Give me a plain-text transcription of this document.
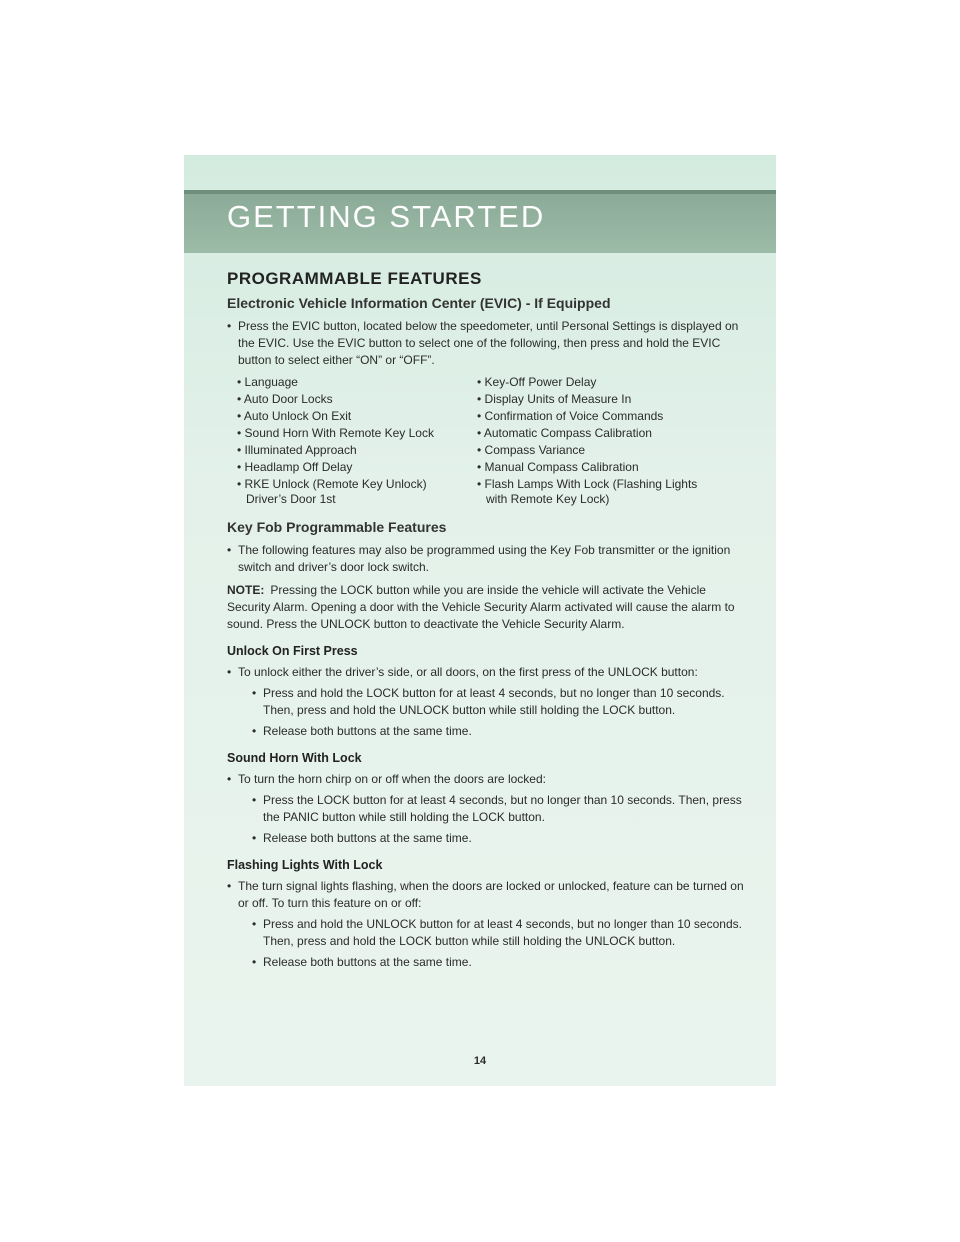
GETTING STARTED
PROGRAMMABLE FEATURES
Electronic Vehicle Information Center (EVIC) - If Equipped

• Press the EVIC button, located below the speedometer, until Personal Settings is displayed on the EVIC. Use the EVIC button to select one of the following, then press and hold the EVIC button to select either “ON” or “OFF”.

• Language
• Auto Door Locks
• Auto Unlock On Exit
• Sound Horn With Remote Key Lock
• Illuminated Approach
• Headlamp Off Delay
• RKE Unlock (Remote Key Unlock) Driver’s Door 1st
• Key-Off Power Delay
• Display Units of Measure In
• Confirmation of Voice Commands
• Automatic Compass Calibration
• Compass Variance
• Manual Compass Calibration
• Flash Lamps With Lock (Flashing Lights with Remote Key Lock)
Key Fob Programmable Features

• The following features may also be programmed using the Key Fob transmitter or the ignition switch and driver’s door lock switch.

NOTE: Pressing the LOCK button while you are inside the vehicle will activate the Vehicle Security Alarm. Opening a door with the Vehicle Security Alarm activated will cause the alarm to sound. Press the UNLOCK button to deactivate the Vehicle Security Alarm.

Unlock On First Press

• To unlock either the driver’s side, or all doors, on the first press of the UNLOCK button:

• Press and hold the LOCK button for at least 4 seconds, but no longer than 10 seconds. Then, press and hold the UNLOCK button while still holding the LOCK button.

• Release both buttons at the same time.

Sound Horn With Lock

• To turn the horn chirp on or off when the doors are locked:

• Press the LOCK button for at least 4 seconds, but no longer than 10 seconds. Then, press the PANIC button while still holding the LOCK button.

• Release both buttons at the same time.

Flashing Lights With Lock

• The turn signal lights flashing, when the doors are locked or unlocked, feature can be turned on or off. To turn this feature on or off:

• Press and hold the UNLOCK button for at least 4 seconds, but no longer than 10 seconds. Then, press and hold the LOCK button while still holding the UNLOCK button.

• Release both buttons at the same time.

14
